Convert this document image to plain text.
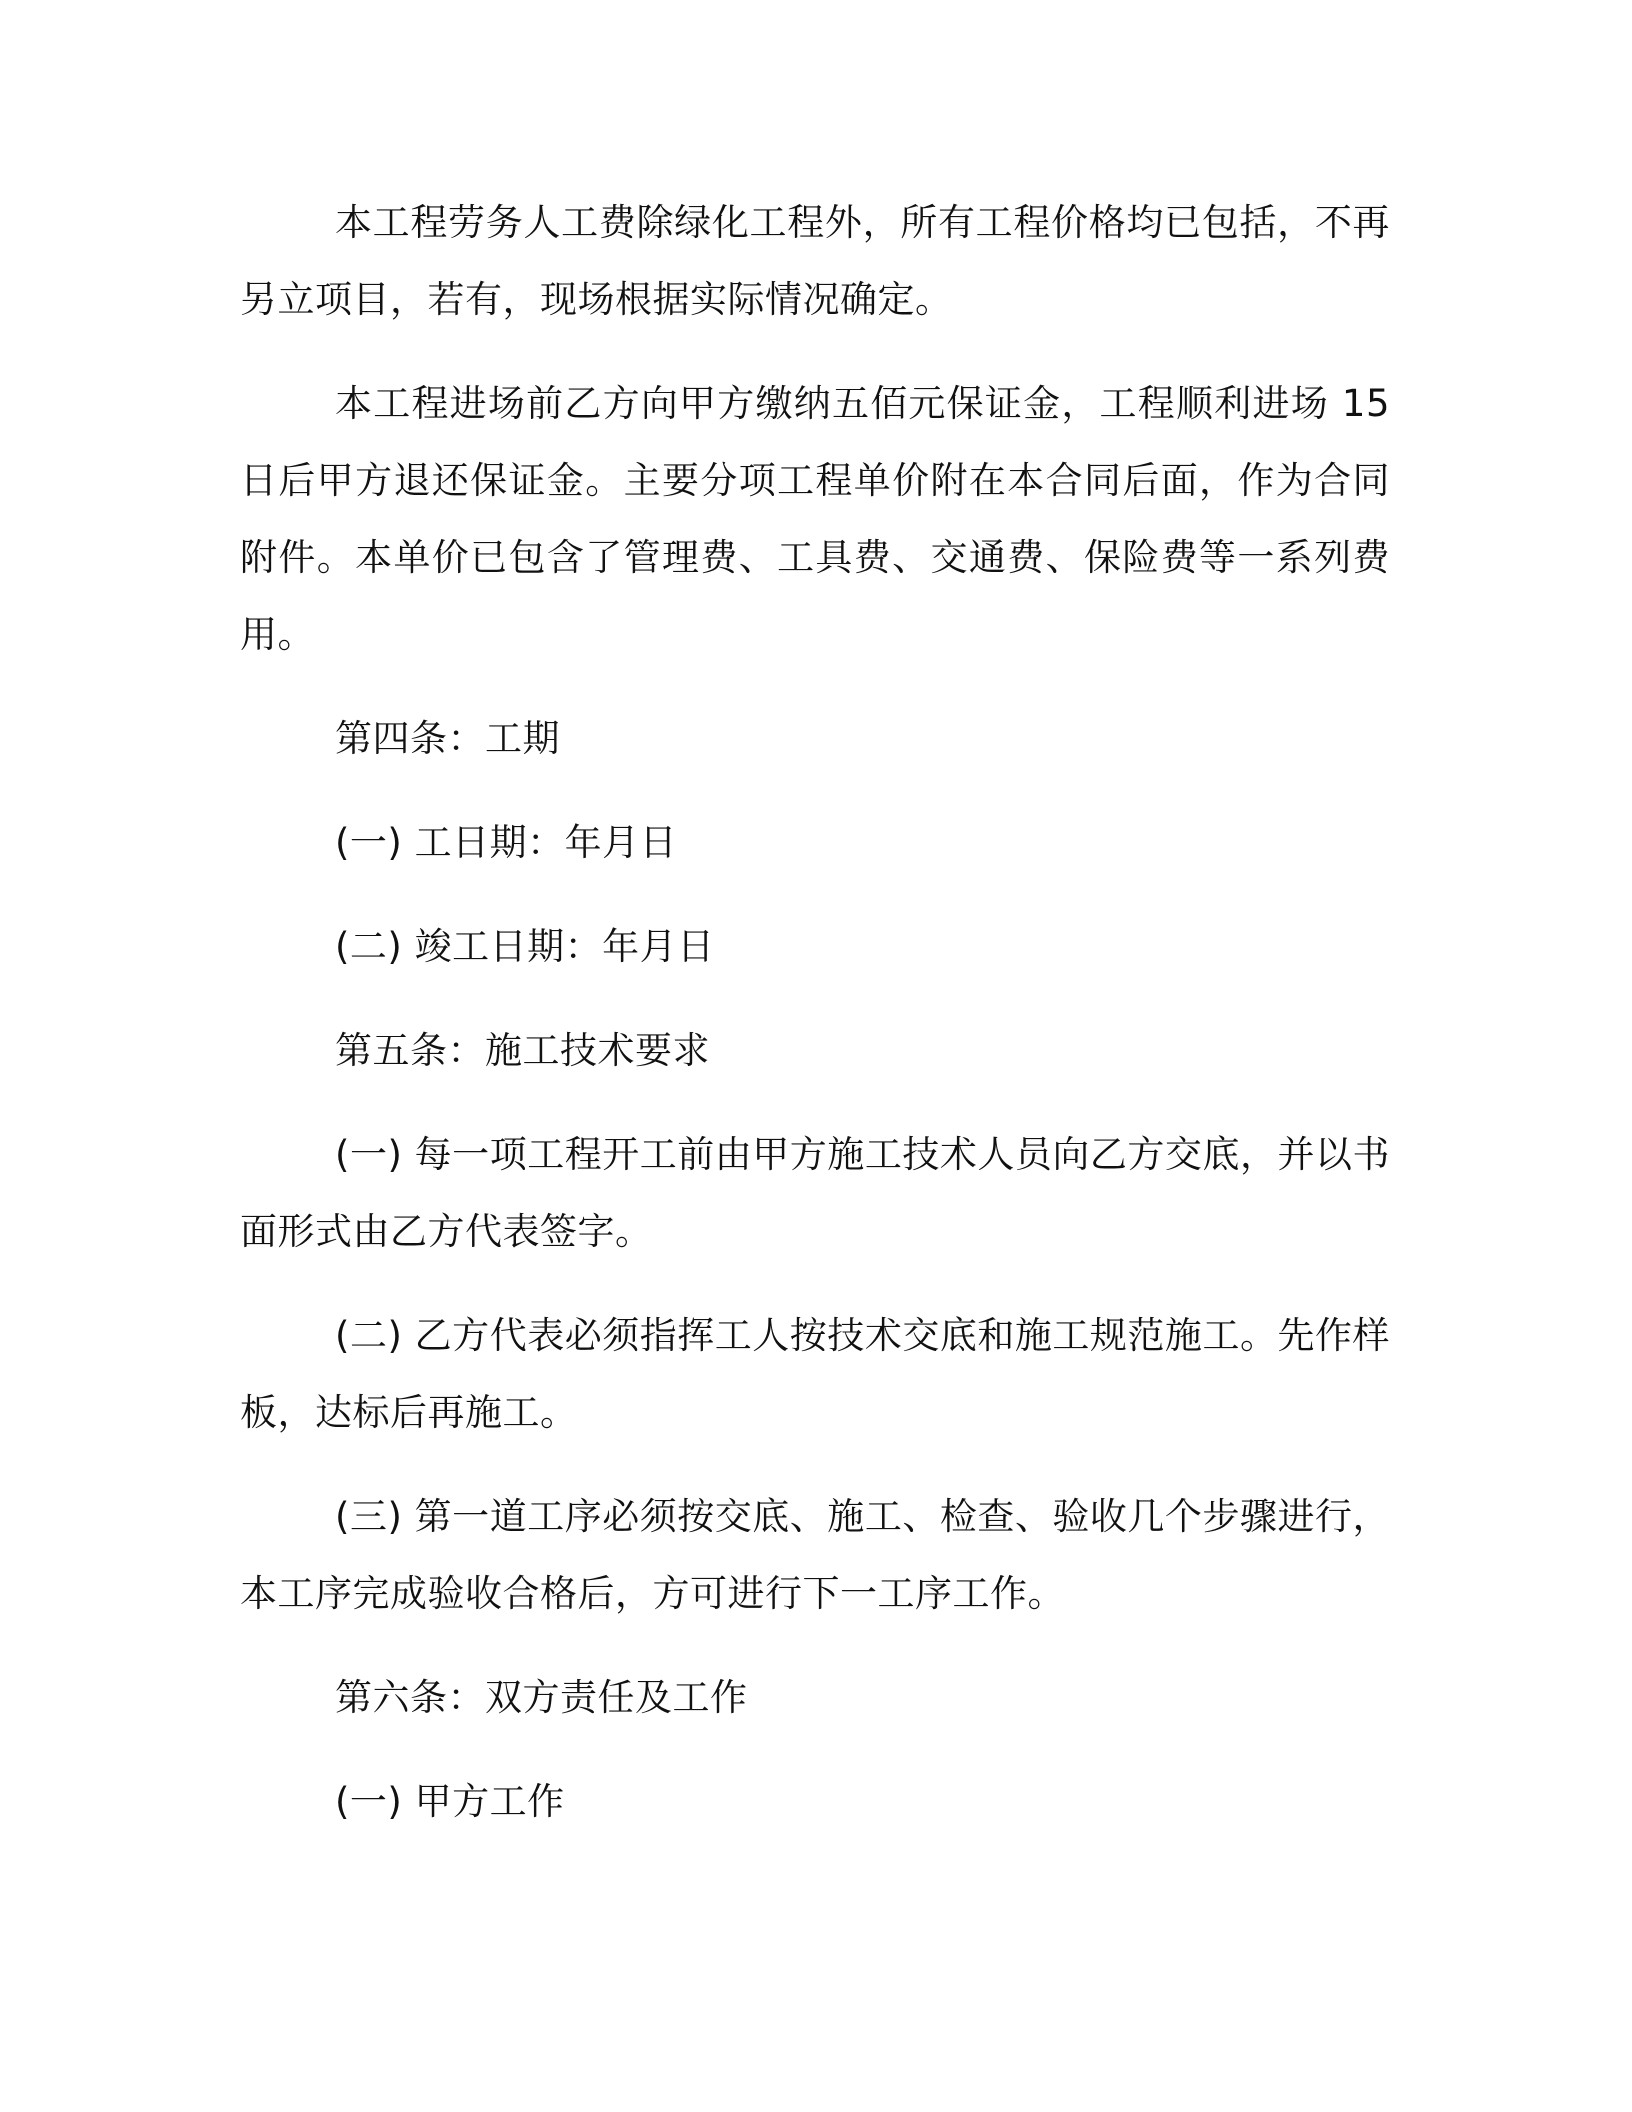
本工程劳务人工费除绿化工程外，所有工程价格均已包括，不再另立项目，若有，现场根据实际情况确定。

本工程进场前乙方向甲方缴纳五佰元保证金，工程顺利进场 15日后甲方退还保证金。主要分项工程单价附在本合同后面，作为合同附件。本单价已包含了管理费、工具费、交通费、保险费等一系列费用。

第四条：工期

(一) 工日期：年月日

(二) 竣工日期：年月日

第五条：施工技术要求

(一) 每一项工程开工前由甲方施工技术人员向乙方交底，并以书面形式由乙方代表签字。

(二) 乙方代表必须指挥工人按技术交底和施工规范施工。先作样板，达标后再施工。

(三) 第一道工序必须按交底、施工、检查、验收几个步骤进行，本工序完成验收合格后，方可进行下一工序工作。

第六条：双方责任及工作

(一) 甲方工作
